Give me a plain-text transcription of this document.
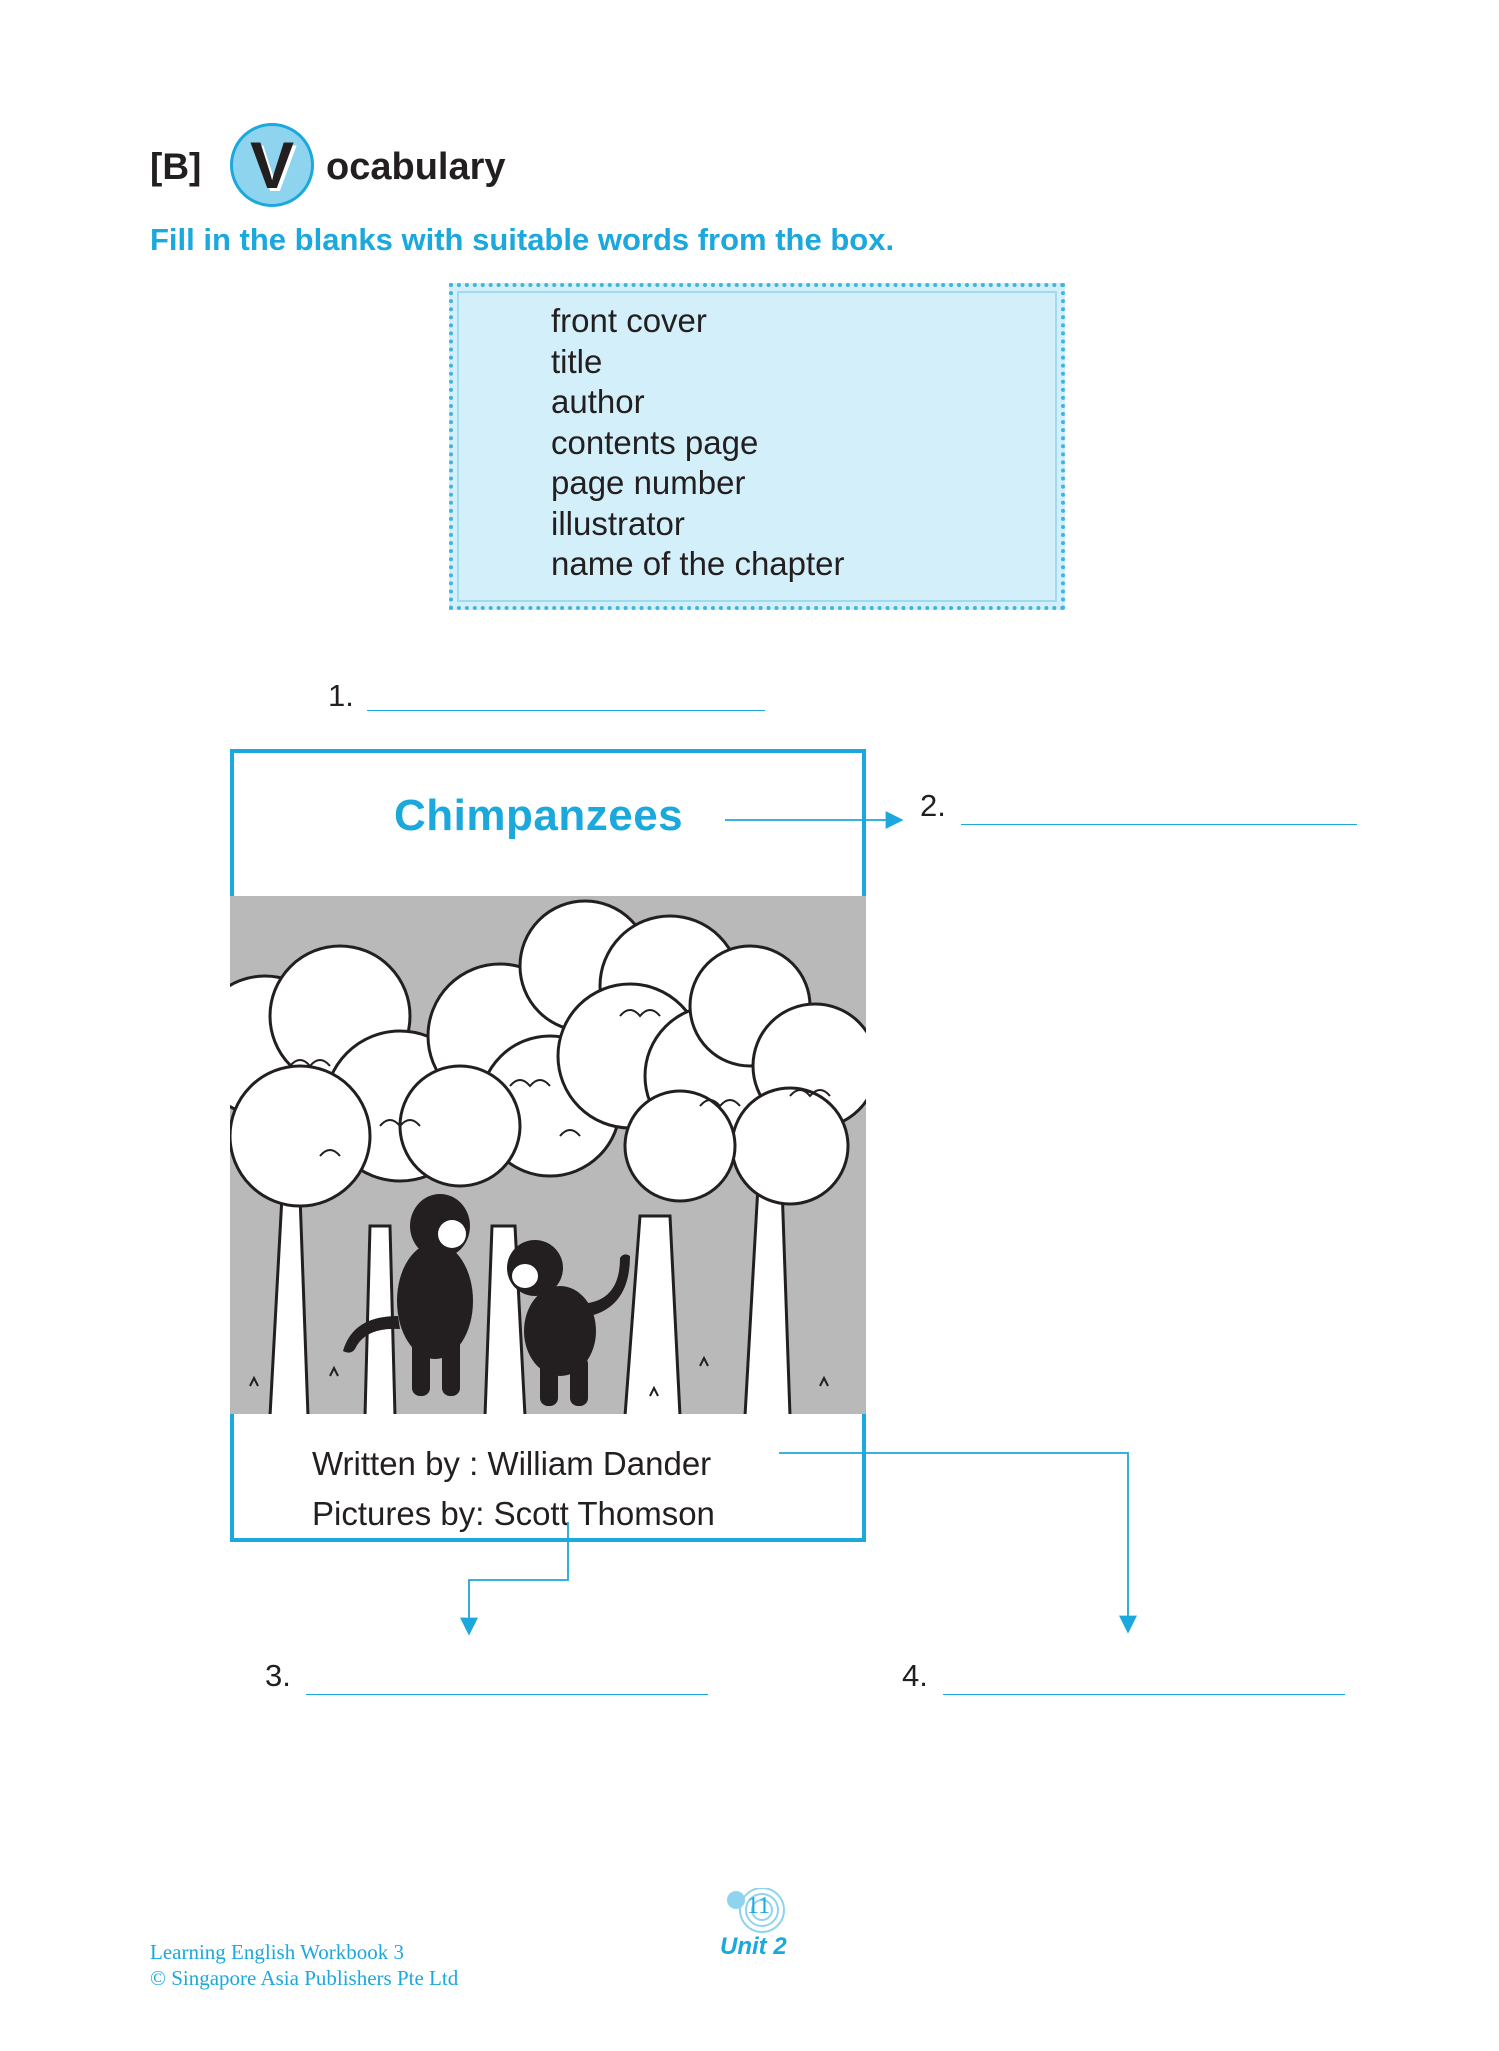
[B] V ocabulary
Fill in the blanks with suitable words from the box.
front cover
title
author
contents page
page number
illustrator
name of the chapter
1.
2.
Chimpanzees
Written by : William Dander
Pictures by: Scott Thomson
3.	4.
Learning English Workbook 3
© Singapore Asia Publishers Pte Ltd
11
Unit 2
